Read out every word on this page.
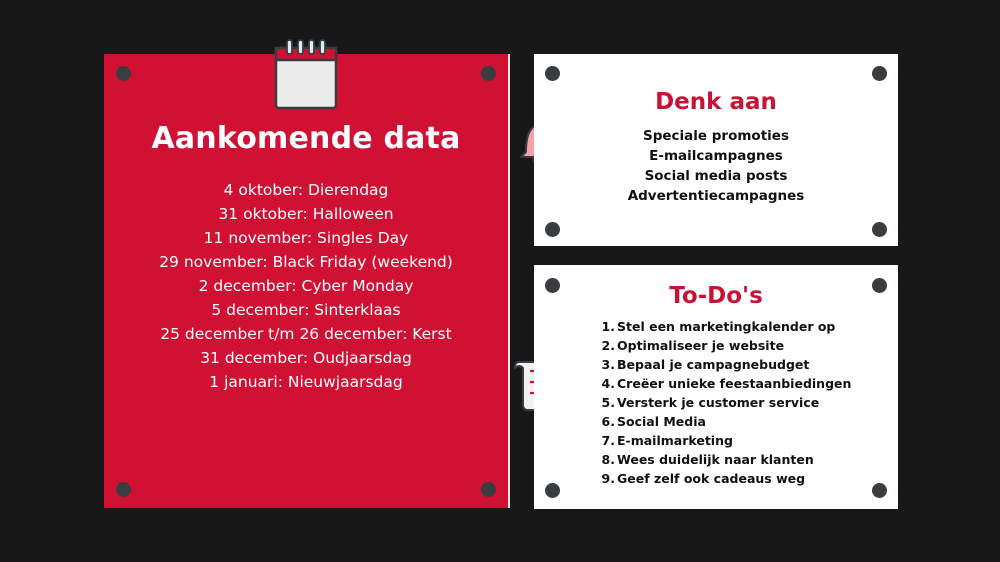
Aankomende data
4 oktober: Dierendag
31 oktober: Halloween
11 november: Singles Day
29 november: Black Friday (weekend)
2 december: Cyber Monday
5 december: Sinterklaas
25 december t/m 26 december: Kerst
31 december: Oudjaarsdag
1 januari: Nieuwjaarsdag
Denk aan
Speciale promoties
E-mailcampagnes
Social media posts
Advertentiecampagnes
To-Do's
1. Stel een marketingkalender op
2. Optimaliseer je website
3. Bepaal je campagnebudget
4. Creëer unieke feestaanbiedingen
5. Versterk je customer service
6. Social Media
7. E-mailmarketing
8. Wees duidelijk naar klanten
9. Geef zelf ook cadeaus weg
